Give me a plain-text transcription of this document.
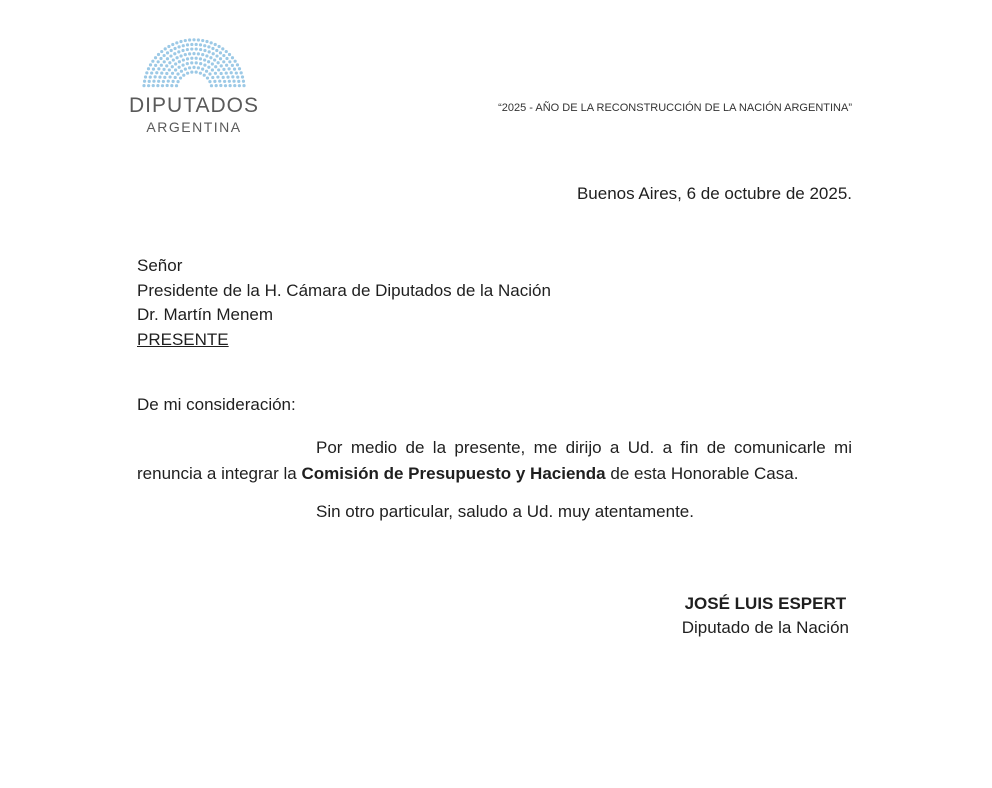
DIPUTADOS
ARGENTINA
“2025 - AÑO DE LA RECONSTRUCCIÓN DE LA NACIÓN ARGENTINA”
Buenos Aires, 6 de octubre de 2025.
Señor
Presidente de la H. Cámara de Diputados de la Nación
Dr. Martín Menem
PRESENTE
De mi consideración:
Por medio de la presente, me dirijo a Ud. a fin de comunicarle mi
renuncia a integrar la Comisión de Presupuesto y Hacienda de esta Honorable Casa.
Sin otro particular, saludo a Ud. muy atentamente.
JOSÉ LUIS ESPERT
Diputado de la Nación
